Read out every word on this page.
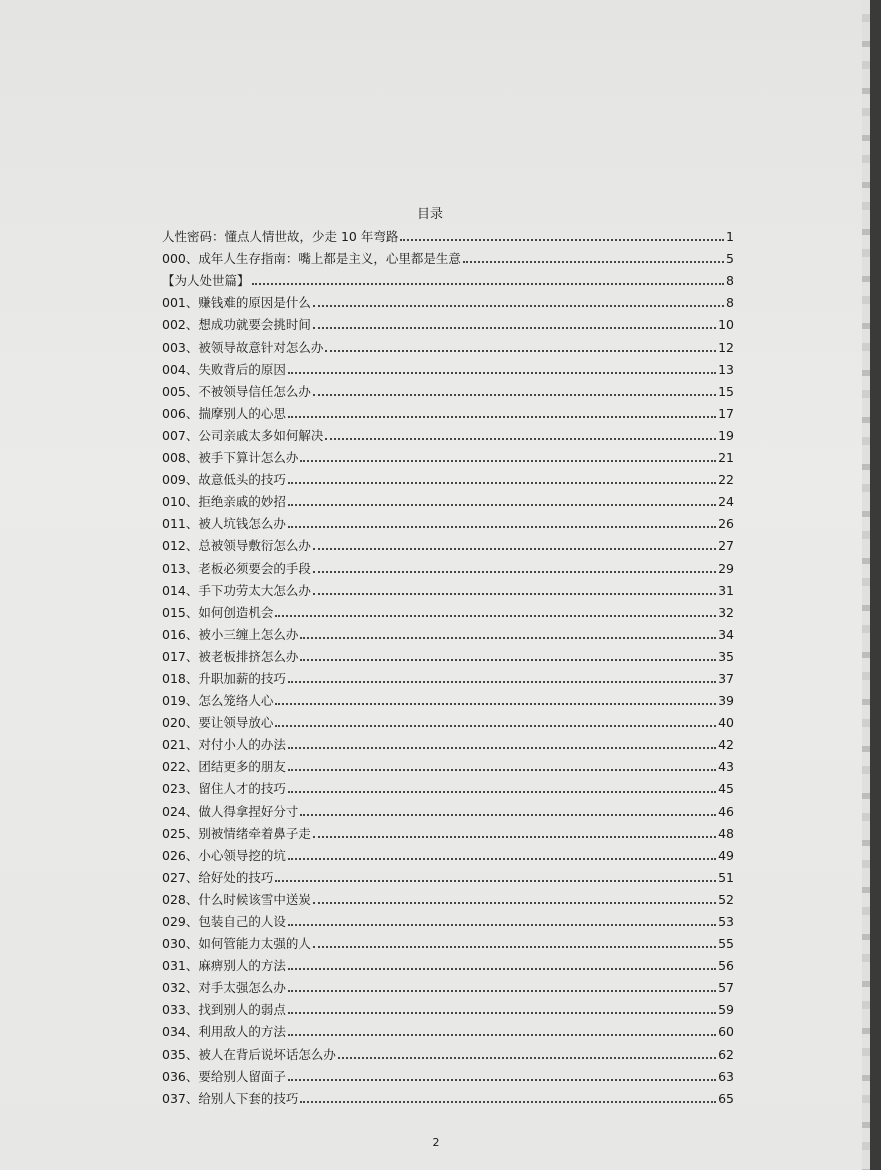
目录
人性密码：懂点人情世故，少走 10 年弯路	1
000、成年人生存指南：嘴上都是主义，心里都是生意	5
【为人处世篇】	8
001、赚钱难的原因是什么	8
002、想成功就要会挑时间	10
003、被领导故意针对怎么办	12
004、失败背后的原因	13
005、不被领导信任怎么办	15
006、揣摩别人的心思	17
007、公司亲戚太多如何解决	19
008、被手下算计怎么办	21
009、故意低头的技巧	22
010、拒绝亲戚的妙招	24
011、被人坑钱怎么办	26
012、总被领导敷衍怎么办	27
013、老板必须要会的手段	29
014、手下功劳太大怎么办	31
015、如何创造机会	32
016、被小三缠上怎么办	34
017、被老板排挤怎么办	35
018、升职加薪的技巧	37
019、怎么笼络人心	39
020、要让领导放心	40
021、对付小人的办法	42
022、团结更多的朋友	43
023、留住人才的技巧	45
024、做人得拿捏好分寸	46
025、别被情绪牵着鼻子走	48
026、小心领导挖的坑	49
027、给好处的技巧	51
028、什么时候该雪中送炭	52
029、包装自己的人设	53
030、如何管能力太强的人	55
031、麻痹别人的方法	56
032、对手太强怎么办	57
033、找到别人的弱点	59
034、利用敌人的方法	60
035、被人在背后说坏话怎么办	62
036、要给别人留面子	63
037、给别人下套的技巧	65
2
